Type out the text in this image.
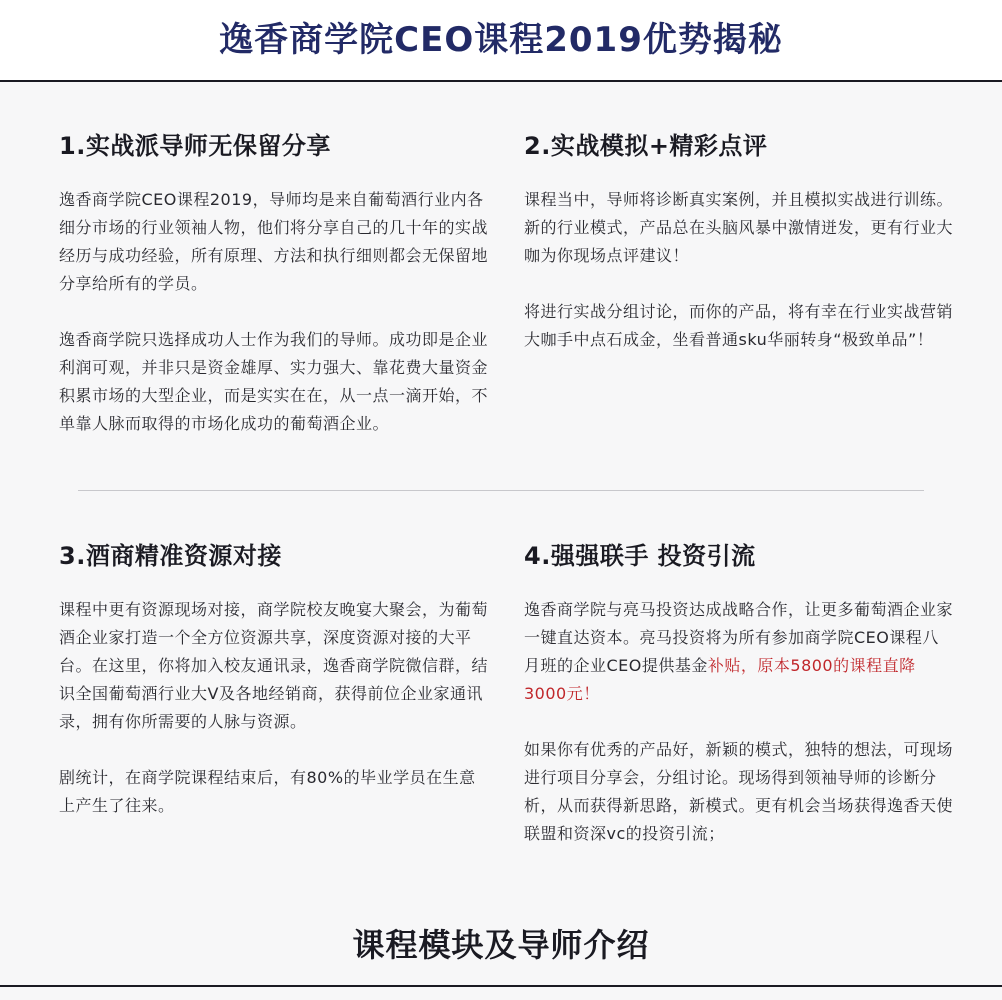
逸香商学院CEO课程2019优势揭秘
1.实战派导师无保留分享

逸香商学院CEO课程2019，导师均是来自葡萄酒行业内各细分市场的行业领袖人物，他们将分享自己的几十年的实战经历与成功经验，所有原理、方法和执行细则都会无保留地分享给所有的学员。

逸香商学院只选择成功人士作为我们的导师。成功即是企业利润可观，并非只是资金雄厚、实力强大、靠花费大量资金积累市场的大型企业，而是实实在在，从一点一滴开始，不单靠人脉而取得的市场化成功的葡萄酒企业。

2.实战模拟+精彩点评

课程当中，导师将诊断真实案例，并且模拟实战进行训练。　新的行业模式，产品总在头脑风暴中激情迸发，更有行业大咖为你现场点评建议！

将进行实战分组讨论，而你的产品，将有幸在行业实战营销大咖手中点石成金，坐看普通sku华丽转身“极致单品”！

3.酒商精准资源对接

课程中更有资源现场对接，商学院校友晚宴大聚会，为葡萄酒企业家打造一个全方位资源共享，深度资源对接的大平台。在这里，你将加入校友通讯录，逸香商学院微信群，结识全国葡萄酒行业大V及各地经销商，获得前位企业家通讯录，拥有你所需要的人脉与资源。

剧统计，在商学院课程结束后，有80%的毕业学员在生意上产生了往来。

4.强强联手 投资引流

逸香商学院与亮马投资达成战略合作，让更多葡萄酒企业家一键直达资本。亮马投资将为所有参加商学院CEO课程八月班的企业CEO提供基金补贴，原本5800的课程直降3000元！

如果你有优秀的产品好，新颖的模式，独特的想法，可现场进行项目分享会，分组讨论。现场得到领袖导师的诊断分析，从而获得新思路，新模式。更有机会当场获得逸香天使联盟和资深vc的投资引流；

课程模块及导师介绍
